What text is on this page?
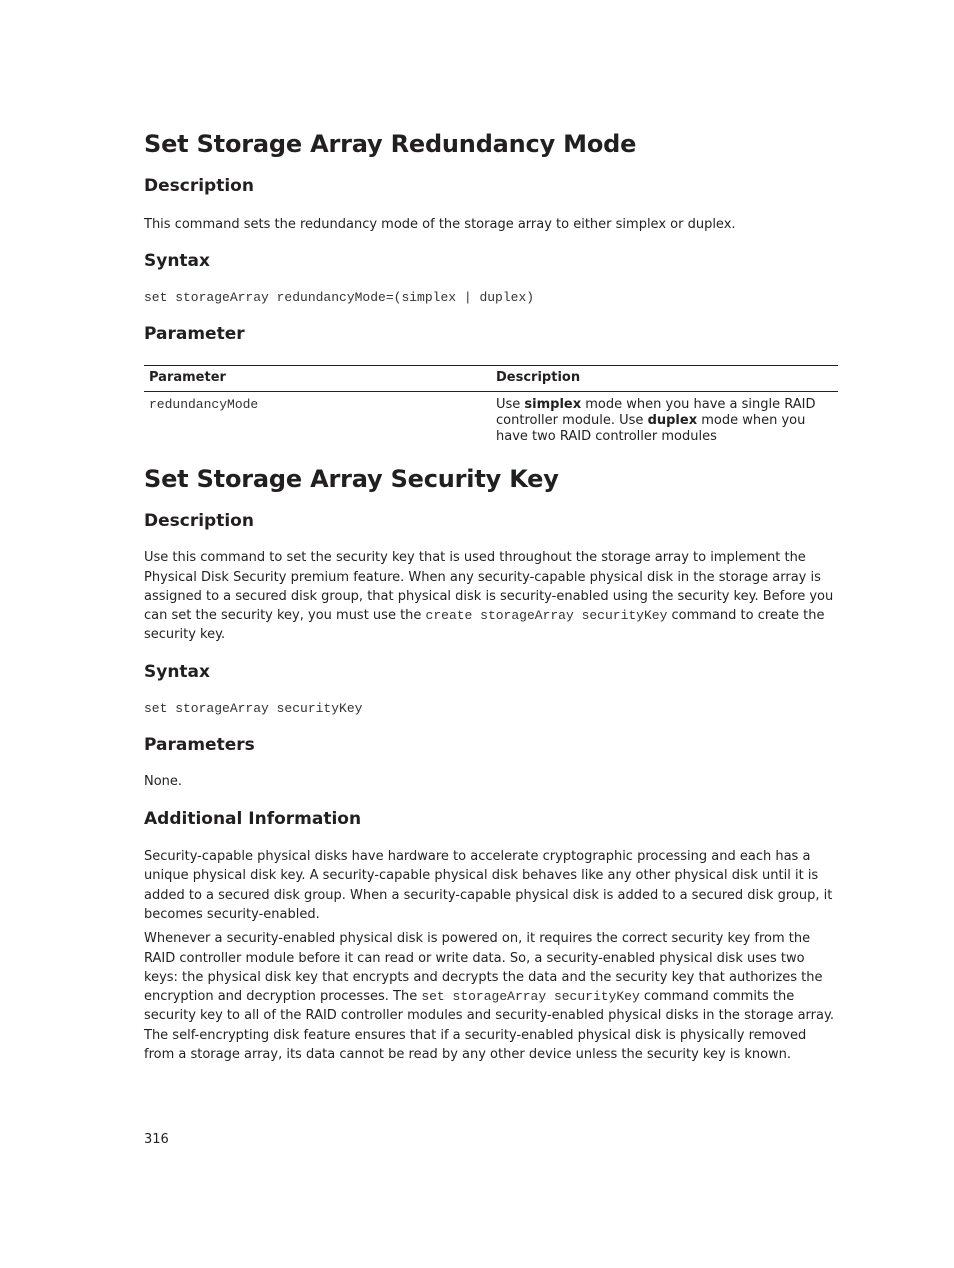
Set Storage Array Redundancy Mode
Description

This command sets the redundancy mode of the storage array to either simplex or duplex.

Syntax

set storageArray redundancyMode=(simplex | duplex)

Parameter
Parameter	Description
redundancyMode	Use simplex mode when you have a single RAID controller module. Use duplex mode when you have two RAID controller modules
Set Storage Array Security Key
Description

Use this command to set the security key that is used throughout the storage array to implement the Physical Disk Security premium feature. When any security-capable physical disk in the storage array is assigned to a secured disk group, that physical disk is security-enabled using the security key. Before you can set the security key, you must use the create storageArray securityKey command to create the security key.

Syntax

set storageArray securityKey

Parameters

None.

Additional Information

Security-capable physical disks have hardware to accelerate cryptographic processing and each has a unique physical disk key. A security-capable physical disk behaves like any other physical disk until it is added to a secured disk group. When a security-capable physical disk is added to a secured disk group, it becomes security-enabled.

Whenever a security-enabled physical disk is powered on, it requires the correct security key from the RAID controller module before it can read or write data. So, a security-enabled physical disk uses two keys: the physical disk key that encrypts and decrypts the data and the security key that authorizes the encryption and decryption processes. The set storageArray securityKey command commits the security key to all of the RAID controller modules and security-enabled physical disks in the storage array. The self-encrypting disk feature ensures that if a security-enabled physical disk is physically removed from a storage array, its data cannot be read by any other device unless the security key is known.

316
